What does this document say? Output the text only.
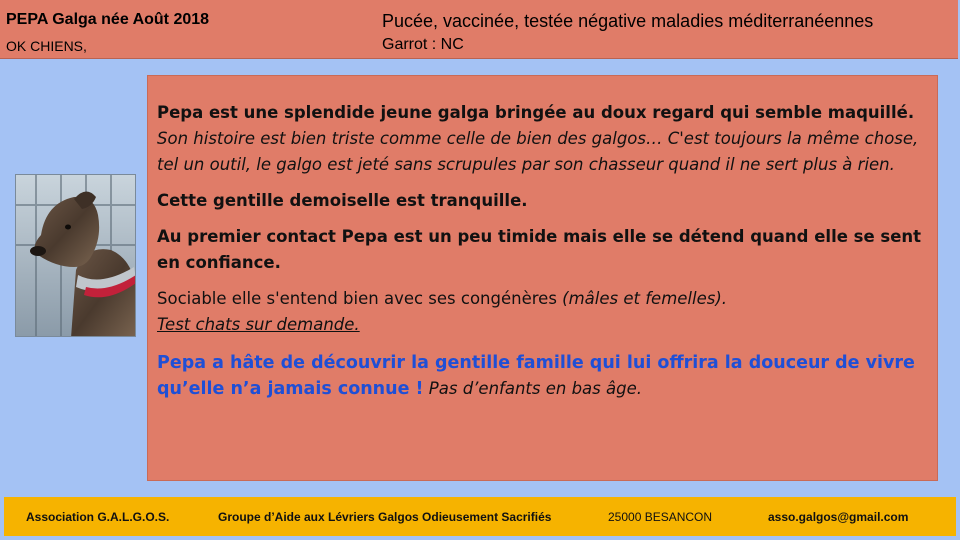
PEPA Galga née Août 2018
OK CHIENS,
Pucée, vaccinée, testée négative maladies méditerranéennes
Garrot : NC

Pepa est une splendide jeune galga bringée au doux regard qui semble maquillé.

Son histoire est bien triste comme celle de bien des galgos… C'est toujours la même chose, tel un outil, le galgo est jeté sans scrupules par son chasseur quand il ne sert plus à rien.

Cette gentille demoiselle est tranquille.

Au premier contact Pepa est un peu timide mais elle se détend quand elle se sent en confiance.

Sociable elle s'entend bien avec ses congénères (mâles et femelles).

Test chats sur demande.

Pepa a hâte de découvrir la gentille famille qui lui offrira la douceur de vivre qu’elle n’a jamais connue ! Pas d’enfants en bas âge.

Association G.A.L.G.O.S.	Groupe d’Aide aux Lévriers Galgos Odieusement Sacrifiés	25000 BESANCON	asso.galgos@gmail.com
